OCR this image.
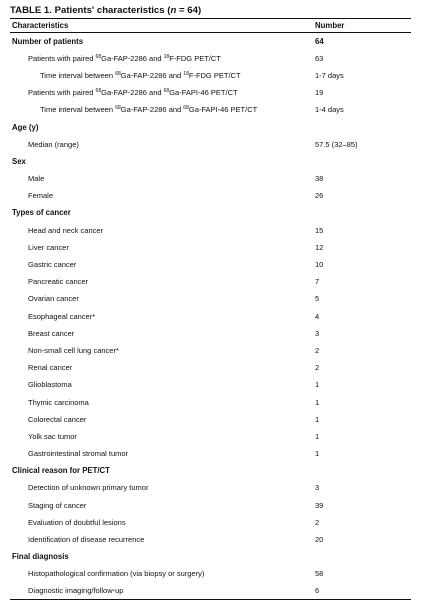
TABLE 1. Patients' characteristics (n = 64)
Characteristics	Number
Number of patients	64
Patients with paired $^{68}$Ga-FAP-2286 and $^{18}$F-FDG PET/CT	63
Time interval between $^{68}$Ga-FAP-2286 and $^{18}$F-FDG PET/CT	1-7 days
Patients with paired $^{68}$Ga-FAP-2286 and $^{68}$Ga-FAPI-46 PET/CT	19
Time interval between $^{68}$Ga-FAP-2286 and $^{68}$Ga-FAPI-46 PET/CT	1-4 days
Age (y)	
Median (range)	57.5 (32–85)
Sex	
Male	38
Female	26
Types of cancer	
Head and neck cancer	15
Liver cancer	12
Gastric cancer	10
Pancreatic cancer	7
Ovarian cancer	5
Esophageal cancer*	4
Breast cancer	3
Non-small cell lung cancer*	2
Renal cancer	2
Glioblastoma	1
Thymic carcinoma	1
Colorectal cancer	1
Yolk sac tumor	1
Gastrointestinal stromal tumor	1
Clinical reason for PET/CT	
Detection of unknown primary tumor	3
Staging of cancer	39
Evaluation of doubtful lesions	2
Identification of disease recurrence	20
Final diagnosis	
Histopathological confirmation (via biopsy or surgery)	58
Diagnostic imaging/follow-up	6
